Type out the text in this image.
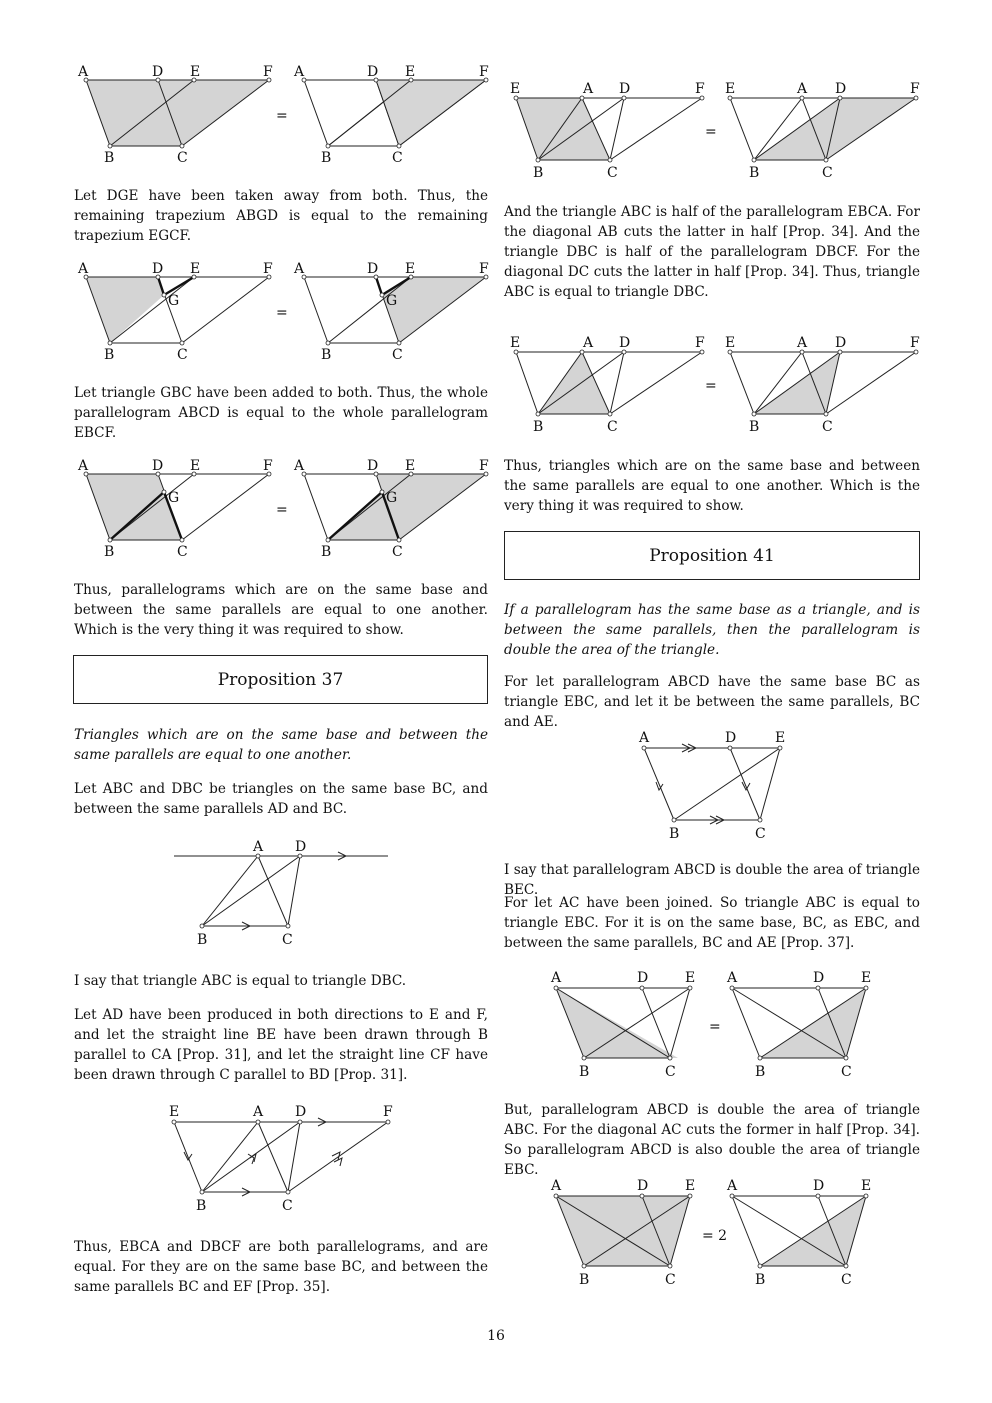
A	D E	F
B	C
=
A	D E	F
B	C

Let DGE have been taken away from both. Thus, the remaining trapezium ABGD is equal to the remaining trapezium EGCF.

A	D E	F
G
B	C
=
A	D E	F
G
B	C

Let triangle GBC have been added to both. Thus, the whole parallelogram ABCD is equal to the whole parallelogram EBCF.

A	D E	F
G
B	C
=
A	D E	F
G
B	C

Thus, parallelograms which are on the same base and between the same parallels are equal to one another. Which is the very thing it was required to show.

Proposition 37

Triangles which are on the same base and between the same parallels are equal to one another.

Let ABC and DBC be triangles on the same base BC, and between the same parallels AD and BC.

A D
B	C

I say that triangle ABC is equal to triangle DBC.

Let AD have been produced in both directions to E and F, and let the straight line BE have been drawn through B parallel to CA [Prop. 31], and let the straight line CF have been drawn through C parallel to BD [Prop. 31].

E	A D	F
B	C

Thus, EBCA and DBCF are both parallelograms, and are equal. For they are on the same base BC, and between the same parallels BC and EF [Prop. 35].

E	A D	F
B	C
=
E	A D	F
B	C

And the triangle ABC is half of the parallelogram EBCA. For the diagonal AB cuts the latter in half [Prop. 34]. And the triangle DBC is half of the parallelogram DBCF. For the diagonal DC cuts the latter in half [Prop. 34]. Thus, triangle ABC is equal to triangle DBC.

E	A D	F
B	C
=
E	A D	F
B	C

Thus, triangles which are on the same base and between the same parallels are equal to one another. Which is the very thing it was required to show.

Proposition 41

If a parallelogram has the same base as a triangle, and is between the same parallels, then the parallelogram is double the area of the triangle.

For let parallelogram ABCD have the same base BC as triangle EBC, and let it be between the same parallels, BC and AE.

A	D	E
B	C

I say that parallelogram ABCD is double the area of triangle BEC.

For let AC have been joined. So triangle ABC is equal to triangle EBC. For it is on the same base, BC, as EBC, and between the same parallels, BC and AE [Prop. 37].

A	D	E
B	C
=
A	D	E
B	C

But, parallelogram ABCD is double the area of triangle ABC. For the diagonal AC cuts the former in half [Prop. 34]. So parallelogram ABCD is also double the area of triangle EBC.

A	D	E
B	C
= 2
A	D	E
B	C
16
